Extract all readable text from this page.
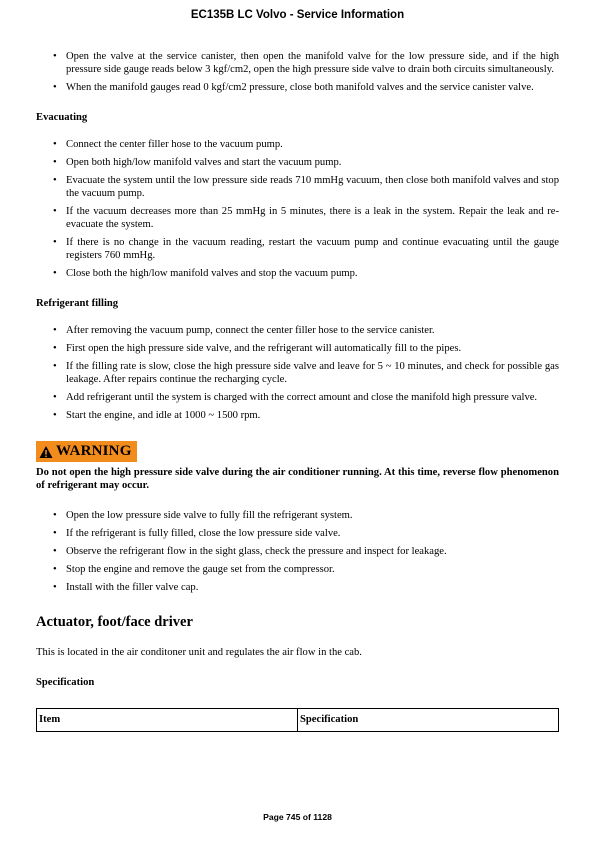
EC135B LC Volvo - Service Information
• Open the valve at the service canister, then open the manifold valve for the low pressure side, and if the high pressure side gauge reads below 3 kgf/cm2, open the high pressure side valve to drain both circuits simultaneously.
• When the manifold gauges read 0 kgf/cm2 pressure, close both manifold valves and the service canister valve.
Evacuating
• Connect the center filler hose to the vacuum pump.
• Open both high/low manifold valves and start the vacuum pump.
• Evacuate the system until the low pressure side reads 710 mmHg vacuum, then close both manifold valves and stop the vacuum pump.
• If the vacuum decreases more than 25 mmHg in 5 minutes, there is a leak in the system. Repair the leak and re-evacuate the system.
• If there is no change in the vacuum reading, restart the vacuum pump and continue evacuating until the gauge registers 760 mmHg.
• Close both the high/low manifold valves and stop the vacuum pump.
Refrigerant filling
• After removing the vacuum pump, connect the center filler hose to the service canister.
• First open the high pressure side valve, and the refrigerant will automatically fill to the pipes.
• If the filling rate is slow, close the high pressure side valve and leave for 5 ~ 10 minutes, and check for possible gas leakage. After repairs continue the recharging cycle.
• Add refrigerant until the system is charged with the correct amount and close the manifold high pressure valve.
• Start the engine, and idle at 1000 ~ 1500 rpm.
WARNING
Do not open the high pressure side valve during the air conditioner running. At this time, reverse flow phenomenon of refrigerant may occur.
• Open the low pressure side valve to fully fill the refrigerant system.
• If the refrigerant is fully filled, close the low pressure side valve.
• Observe the refrigerant flow in the sight glass, check the pressure and inspect for leakage.
• Stop the engine and remove the gauge set from the compressor.
• Install with the filler valve cap.
Actuator, foot/face driver
This is located in the air conditoner unit and regulates the air flow in the cab.
Specification
Item	Specification
Page 745 of 1128
